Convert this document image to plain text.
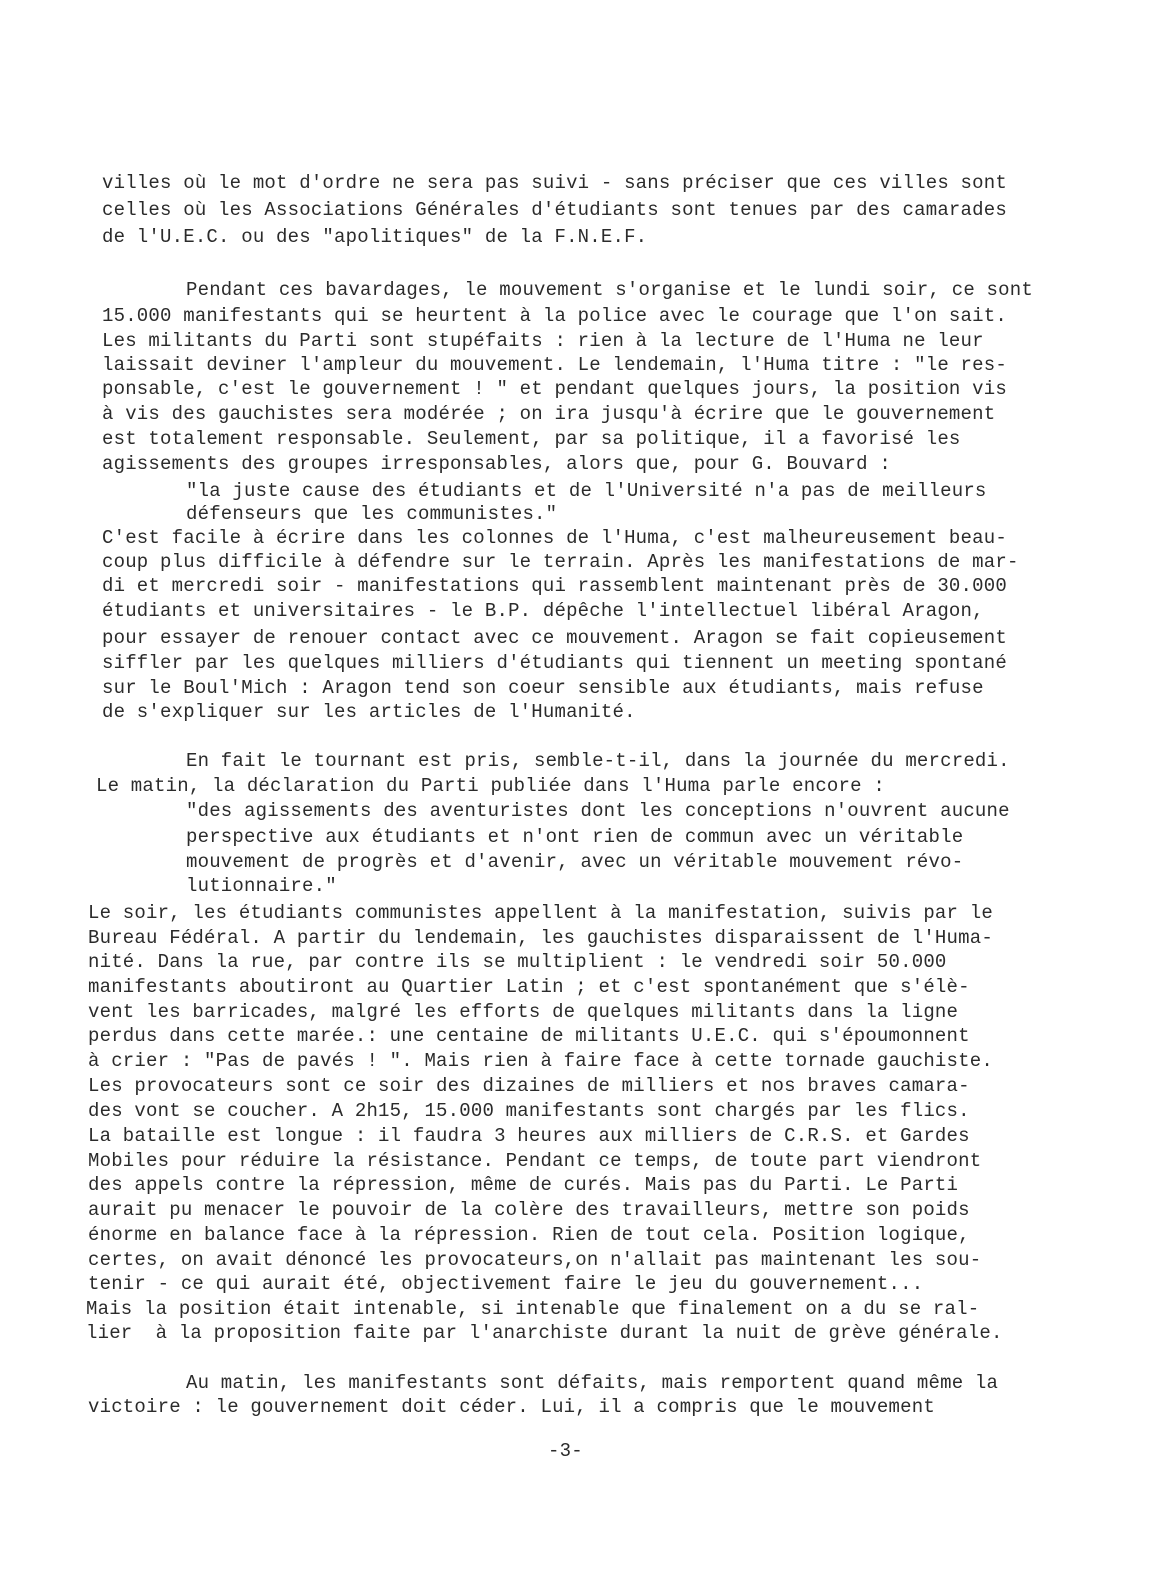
villes où le mot d'ordre ne sera pas suivi - sans préciser que ces villes sont
celles où les Associations Générales d'étudiants sont tenues par des camarades
de l'U.E.C. ou des "apolitiques" de la F.N.E.F.
Pendant ces bavardages, le mouvement s'organise et le lundi soir, ce sont
15.000 manifestants qui se heurtent à la police avec le courage que l'on sait.
Les militants du Parti sont stupéfaits : rien à la lecture de l'Huma ne leur
laissait deviner l'ampleur du mouvement. Le lendemain, l'Huma titre : "le res-
ponsable, c'est le gouvernement ! " et pendant quelques jours, la position vis
à vis des gauchistes sera modérée ; on ira jusqu'à écrire que le gouvernement
est totalement responsable. Seulement, par sa politique, il a favorisé les
agissements des groupes irresponsables, alors que, pour G. Bouvard :
"la juste cause des étudiants et de l'Université n'a pas de meilleurs
défenseurs que les communistes."
C'est facile à écrire dans les colonnes de l'Huma, c'est malheureusement beau-
coup plus difficile à défendre sur le terrain. Après les manifestations de mar-
di et mercredi soir - manifestations qui rassemblent maintenant près de 30.000
étudiants et universitaires - le B.P. dépêche l'intellectuel libéral Aragon,
pour essayer de renouer contact avec ce mouvement. Aragon se fait copieusement
siffler par les quelques milliers d'étudiants qui tiennent un meeting spontané
sur le Boul'Mich : Aragon tend son coeur sensible aux étudiants, mais refuse
de s'expliquer sur les articles de l'Humanité.
En fait le tournant est pris, semble-t-il, dans la journée du mercredi.
Le matin, la déclaration du Parti publiée dans l'Huma parle encore :
"des agissements des aventuristes dont les conceptions n'ouvrent aucune
perspective aux étudiants et n'ont rien de commun avec un véritable
mouvement de progrès et d'avenir, avec un véritable mouvement révo-
lutionnaire."
Le soir, les étudiants communistes appellent à la manifestation, suivis par le
Bureau Fédéral. A partir du lendemain, les gauchistes disparaissent de l'Huma-
nité. Dans la rue, par contre ils se multiplient : le vendredi soir 50.000
manifestants aboutiront au Quartier Latin ; et c'est spontanément que s'élè-
vent les barricades, malgré les efforts de quelques militants dans la ligne
perdus dans cette marée.: une centaine de militants U.E.C. qui s'époumonnent
à crier : "Pas de pavés ! ". Mais rien à faire face à cette tornade gauchiste.
Les provocateurs sont ce soir des dizaines de milliers et nos braves camara-
des vont se coucher. A 2h15, 15.000 manifestants sont chargés par les flics.
La bataille est longue : il faudra 3 heures aux milliers de C.R.S. et Gardes
Mobiles pour réduire la résistance. Pendant ce temps, de toute part viendront
des appels contre la répression, même de curés. Mais pas du Parti. Le Parti
aurait pu menacer le pouvoir de la colère des travailleurs, mettre son poids
énorme en balance face à la répression. Rien de tout cela. Position logique,
certes, on avait dénoncé les provocateurs,on n'allait pas maintenant les sou-
tenir - ce qui aurait été, objectivement faire le jeu du gouvernement...
Mais la position était intenable, si intenable que finalement on a du se ral-
lier  à la proposition faite par l'anarchiste durant la nuit de grève générale.
Au matin, les manifestants sont défaits, mais remportent quand même la
victoire : le gouvernement doit céder. Lui, il a compris que le mouvement
-3-
